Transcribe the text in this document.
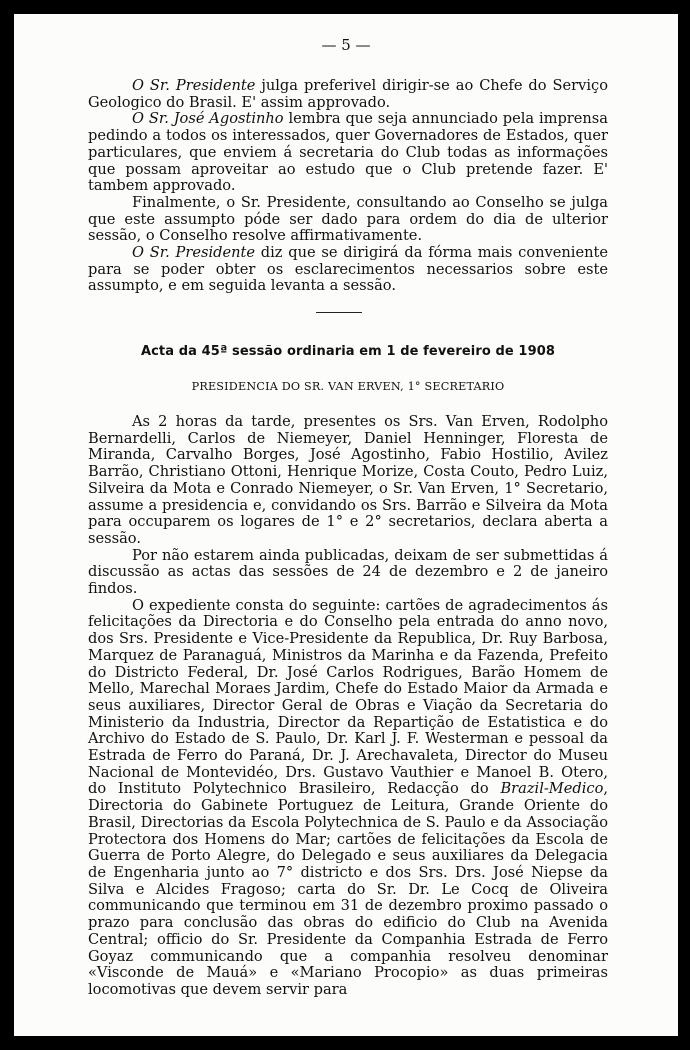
— 5 —

O Sr. Presidente julga preferivel dirigir-se ao Chefe do Serviço Geologico do Brasil. E' assim approvado.

O Sr. José Agostinho lembra que seja annunciado pela imprensa pedindo a todos os interessados, quer Governadores de Estados, quer particulares, que enviem á secretaria do Club todas as informações que possam aproveitar ao estudo que o Club pretende fazer. E' tambem approvado.

Finalmente, o Sr. Presidente, consultando ao Conselho se julga que este assumpto póde ser dado para ordem do dia de ulterior sessão, o Conselho resolve affirmativamente.

O Sr. Presidente diz que se dirigirá da fórma mais conveniente para se poder obter os esclarecimentos necessarios sobre este assumpto, e em seguida levanta a sessão.

Acta da 45ª sessão ordinaria em 1 de fevereiro de 1908
PRESIDENCIA DO SR. VAN ERVEN, 1° SECRETARIO

As 2 horas da tarde, presentes os Srs. Van Erven, Rodolpho Bernardelli, Carlos de Niemeyer, Daniel Henninger, Floresta de Miranda, Carvalho Borges, José Agostinho, Fabio Hostilio, Avilez Barrão, Christiano Ottoni, Henrique Morize, Costa Couto, Pedro Luiz, Silveira da Mota e Conrado Niemeyer, o Sr. Van Erven, 1° Secretario, assume a presidencia e, convidando os Srs. Barrão e Silveira da Mota para occuparem os logares de 1° e 2° secretarios, declara aberta a sessão.

Por não estarem ainda publicadas, deixam de ser submettidas á discussão as actas das sessões de 24 de dezembro e 2 de janeiro findos.

O expediente consta do seguinte: cartões de agradecimentos ás felicitações da Directoria e do Conselho pela entrada do anno novo, dos Srs. Presidente e Vice-Presidente da Republica, Dr. Ruy Barbosa, Marquez de Paranaguá, Ministros da Marinha e da Fazenda, Prefeito do Districto Federal, Dr. José Carlos Rodrigues, Barão Homem de Mello, Marechal Moraes Jardim, Chefe do Estado Maior da Armada e seus auxiliares, Director Geral de Obras e Viação da Secretaria do Ministerio da Industria, Director da Repartição de Estatistica e do Archivo do Estado de S. Paulo, Dr. Karl J. F. Westerman e pessoal da Estrada de Ferro do Paraná, Dr. J. Arechavaleta, Director do Museu Nacional de Montevidéo, Drs. Gustavo Vauthier e Manoel B. Otero, do Instituto Polytechnico Brasileiro, Redacção do Brazil-Medico, Directoria do Gabinete Portuguez de Leitura, Grande Oriente do Brasil, Directorias da Escola Polytechnica de S. Paulo e da Associação Protectora dos Homens do Mar; cartões de felicitações da Escola de Guerra de Porto Alegre, do Delegado e seus auxiliares da Delegacia de Engenharia junto ao 7° districto e dos Srs. Drs. José Niepse da Silva e Alcides Fragoso; carta do Sr. Dr. Le Cocq de Oliveira communicando que terminou em 31 de dezembro proximo passado o prazo para conclusão das obras do edificio do Club na Avenida Central; officio do Sr. Presidente da Companhia Estrada de Ferro Goyaz communicando que a companhia resolveu denominar «Visconde de Mauá» e «Mariano Procopio» as duas primeiras locomotivas que devem servir para
